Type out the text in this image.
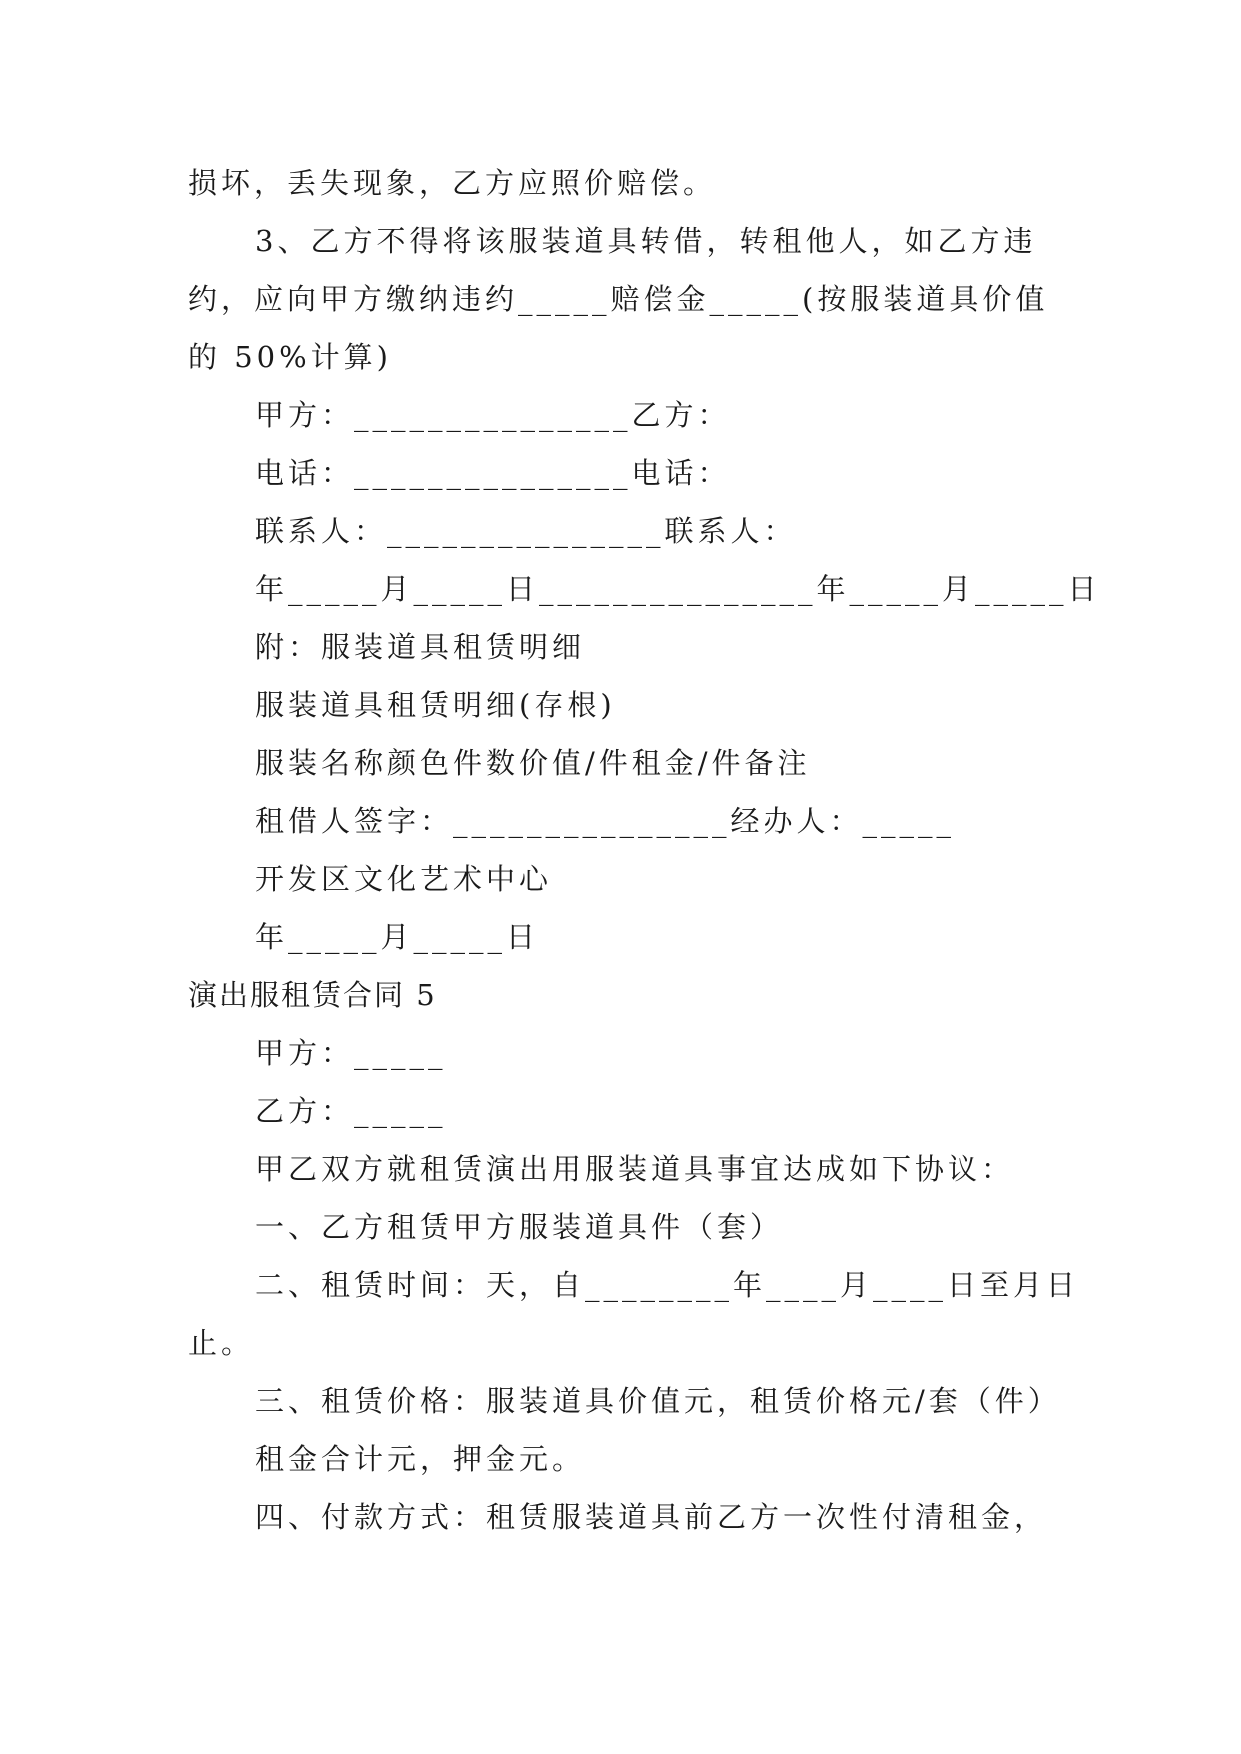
损坏，丢失现象，乙方应照价赔偿。
3、乙方不得将该服装道具转借，转租他人，如乙方违
约，应向甲方缴纳违约_____赔偿金_____(按服装道具价值
的 50%计算)
甲方：_______________乙方：
电话：_______________电话：
联系人：_______________联系人：
年_____月_____日_______________年_____月_____日
附：服装道具租赁明细
服装道具租赁明细(存根)
服装名称颜色件数价值/件租金/件备注
租借人签字：_______________经办人：_____
开发区文化艺术中心
年_____月_____日
演出服租赁合同 5
甲方：_____
乙方：_____
甲乙双方就租赁演出用服装道具事宜达成如下协议：
一、乙方租赁甲方服装道具件（套）
二、租赁时间：天，自________年____月____日至月日
止。
三、租赁价格：服装道具价值元，租赁价格元/套（件）
租金合计元，押金元。
四、付款方式：租赁服装道具前乙方一次性付清租金，
